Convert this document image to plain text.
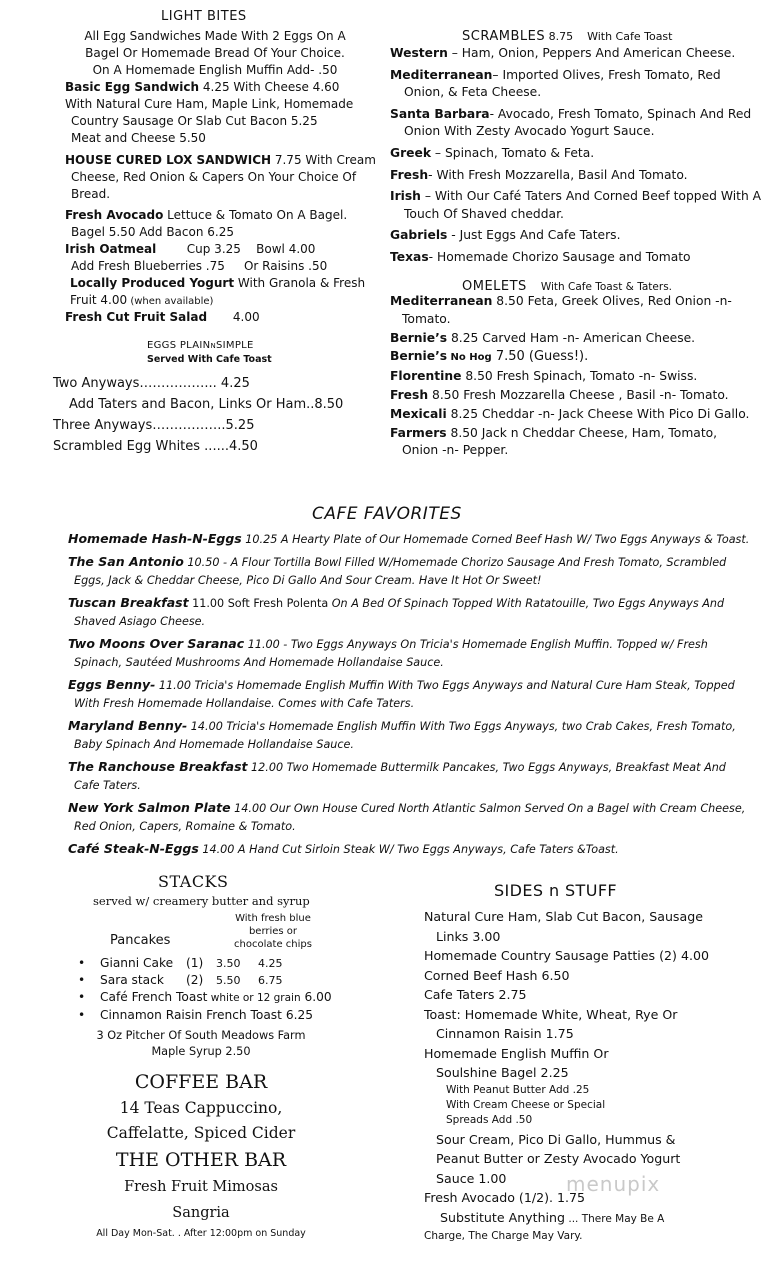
LIGHT BITES
All Egg Sandwiches Made With 2 Eggs On A
Bagel Or Homemade Bread Of Your Choice.
On A Homemade English Muffin Add- .50
Basic Egg Sandwich 4.25 With Cheese 4.60
With Natural Cure Ham, Maple Link, Homemade
Country Sausage Or Slab Cut Bacon 5.25
Meat and Cheese 5.50
HOUSE CURED LOX SANDWICH 7.75 With Cream
Cheese, Red Onion & Capers On Your Choice Of
Bread.
Fresh Avocado Lettuce & Tomato On A Bagel.
Bagel 5.50 Add Bacon 6.25
Irish Oatmeal        Cup 3.25    Bowl 4.00
Add Fresh Blueberries .75     Or Raisins .50
Locally Produced Yogurt With Granola & Fresh
Fruit 4.00 (when available)
Fresh Cut Fruit Salad 4.00
EGGS PLAINNSIMPLE
Served With Cafe Toast
Two Anyways……………... 4.25
Add Taters and Bacon, Links Or Ham..8.50
Three Anyways……………..5.25
Scrambled Egg Whites ......4.50
SCRAMBLES 8.75 With Cafe Toast
Western – Ham, Onion, Peppers And American Cheese.
Mediterranean– Imported Olives, Fresh Tomato, Red
Onion, & Feta Cheese.
Santa Barbara- Avocado, Fresh Tomato, Spinach And Red
Onion With Zesty Avocado Yogurt Sauce.
Greek – Spinach, Tomato & Feta.
Fresh- With Fresh Mozzarella, Basil And Tomato.
Irish – With Our Café Taters And Corned Beef topped With A
Touch Of Shaved cheddar.
Gabriels - Just Eggs And Cafe Taters.
Texas- Homemade Chorizo Sausage and Tomato
OMELETS With Cafe Toast & Taters.
Mediterranean 8.50 Feta, Greek Olives, Red Onion -n-
Tomato.
Bernie’s 8.25 Carved Ham -n- American Cheese.
Bernie’s No Hog 7.50 (Guess!).
Florentine 8.50 Fresh Spinach, Tomato -n- Swiss.
Fresh 8.50 Fresh Mozzarella Cheese , Basil -n- Tomato.
Mexicali 8.25 Cheddar -n- Jack Cheese With Pico Di Gallo.
Farmers 8.50 Jack n Cheddar Cheese, Ham, Tomato,
Onion -n- Pepper.
CAFE FAVORITES
Homemade Hash-N-Eggs 10.25 A Hearty Plate of Our Homemade Corned Beef Hash W/ Two Eggs Anyways & Toast.
The San Antonio 10.50 - A Flour Tortilla Bowl Filled W/Homemade Chorizo Sausage And Fresh Tomato, Scrambled
Eggs, Jack & Cheddar Cheese, Pico Di Gallo And Sour Cream. Have It Hot Or Sweet!
Tuscan Breakfast 11.00 Soft Fresh Polenta On A Bed Of Spinach Topped With Ratatouille, Two Eggs Anyways And
Shaved Asiago Cheese.
Two Moons Over Saranac 11.00 - Two Eggs Anyways On Tricia's Homemade English Muffin. Topped w/ Fresh
Spinach, Sautéed Mushrooms And Homemade Hollandaise Sauce.
Eggs Benny- 11.00 Tricia's Homemade English Muffin With Two Eggs Anyways and Natural Cure Ham Steak, Topped
With Fresh Homemade Hollandaise. Comes with Cafe Taters.
Maryland Benny- 14.00 Tricia's Homemade English Muffin With Two Eggs Anyways, two Crab Cakes, Fresh Tomato,
Baby Spinach And Homemade Hollandaise Sauce.
The Ranchouse Breakfast 12.00 Two Homemade Buttermilk Pancakes, Two Eggs Anyways, Breakfast Meat And
Cafe Taters.
New York Salmon Plate 14.00 Our Own House Cured North Atlantic Salmon Served On a Bagel with Cream Cheese,
Red Onion, Capers, Romaine & Tomato.
Café Steak-N-Eggs 14.00 A Hand Cut Sirloin Steak W/ Two Eggs Anyways, Cafe Taters &Toast.
STACKS
served w/ creamery butter and syrup
With fresh blue
berries or
chocolate chips
Pancakes
• Gianni Cake (1) 3.50 4.25
• Sara stack (2) 5.50 6.75
• Café French Toast white or 12 grain 6.00
• Cinnamon Raisin French Toast 6.25
3 Oz Pitcher Of South Meadows Farm
Maple Syrup 2.50
COFFEE BAR
14 Teas Cappuccino,
Caffelatte, Spiced Cider
THE OTHER BAR
Fresh Fruit Mimosas
Sangria
All Day Mon-Sat. . After 12:00pm on Sunday
SIDES n STUFF
Natural Cure Ham, Slab Cut Bacon, Sausage
Links 3.00
Homemade Country Sausage Patties (2) 4.00
Corned Beef Hash 6.50
Cafe Taters 2.75
Toast: Homemade White, Wheat, Rye Or
Cinnamon Raisin 1.75
Homemade English Muffin Or
Soulshine Bagel 2.25
With Peanut Butter Add .25
With Cream Cheese or Special
Spreads Add .50
Sour Cream, Pico Di Gallo, Hummus &
Peanut Butter or Zesty Avocado Yogurt
Sauce 1.00
Fresh Avocado (1/2). 1.75
Substitute Anything ... There May Be A
Charge, The Charge May Vary.
menupix
